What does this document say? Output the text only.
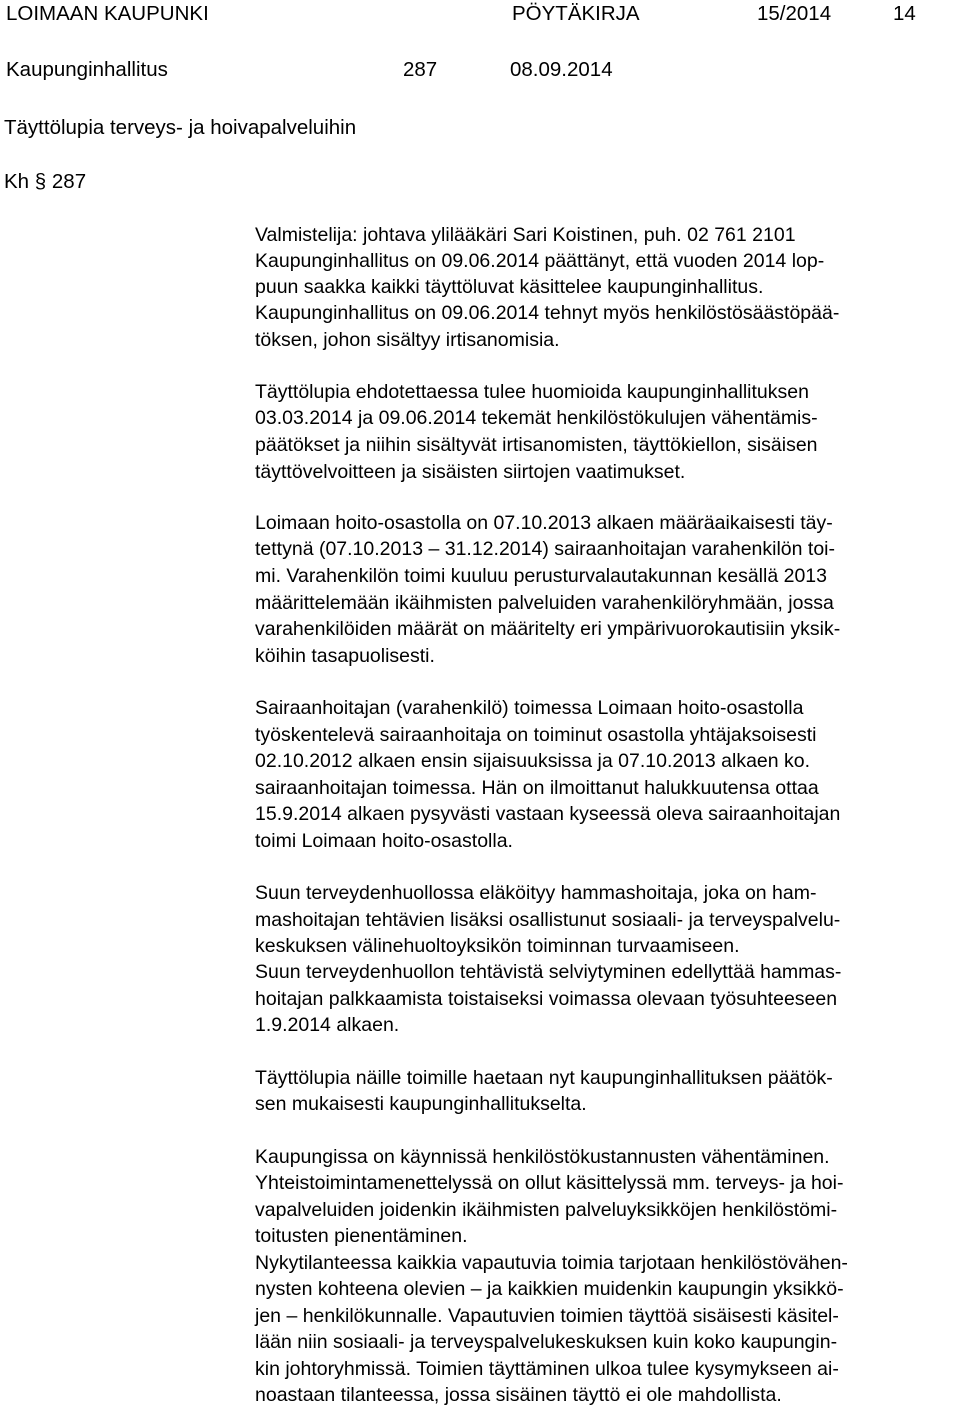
LOIMAAN KAUPUNKI	PÖYTÄKIRJA	15/2014	14
Kaupunginhallitus	287	08.09.2014
Täyttölupia terveys- ja hoivapalveluihin
Kh § 287
Valmistelija: johtava ylilääkäri Sari Koistinen, puh. 02 761 2101
Kaupunginhallitus on 09.06.2014 päättänyt, että vuoden 2014 lop-
puun saakka kaikki täyttöluvat käsittelee kaupunginhallitus.
Kaupunginhallitus on 09.06.2014 tehnyt myös henkilöstösäästöpää-
töksen, johon sisältyy irtisanomisia.
Täyttölupia ehdotettaessa tulee huomioida kaupunginhallituksen
03.03.2014 ja 09.06.2014 tekemät henkilöstökulujen vähentämis-
päätökset ja niihin sisältyvät irtisanomisten, täyttökiellon, sisäisen
täyttövelvoitteen ja sisäisten siirtojen vaatimukset.
Loimaan hoito-osastolla on 07.10.2013 alkaen määräaikaisesti täy-
tettynä (07.10.2013 – 31.12.2014) sairaanhoitajan varahenkilön toi-
mi. Varahenkilön toimi kuuluu perusturvalautakunnan kesällä 2013
määrittelemään ikäihmisten palveluiden varahenkilöryhmään, jossa
varahenkilöiden määrät on määritelty eri ympärivuorokautisiin yksik-
köihin tasapuolisesti.
Sairaanhoitajan (varahenkilö) toimessa Loimaan hoito-osastolla
työskentelevä sairaanhoitaja on toiminut osastolla yhtäjaksoisesti
02.10.2012 alkaen ensin sijaisuuksissa ja 07.10.2013 alkaen ko.
sairaanhoitajan toimessa. Hän on ilmoittanut halukkuutensa ottaa
15.9.2014 alkaen pysyvästi vastaan kyseessä oleva sairaanhoitajan
toimi Loimaan hoito-osastolla.
Suun terveydenhuollossa eläköityy hammashoitaja, joka on ham-
mashoitajan tehtävien lisäksi osallistunut sosiaali- ja terveyspalvelu-
keskuksen välinehuoltoyksikön toiminnan turvaamiseen.
Suun terveydenhuollon tehtävistä selviytyminen edellyttää hammas-
hoitajan palkkaamista toistaiseksi voimassa olevaan työsuhteeseen
1.9.2014 alkaen.
Täyttölupia näille toimille haetaan nyt kaupunginhallituksen päätök-
sen mukaisesti kaupunginhallitukselta.
Kaupungissa on käynnissä henkilöstökustannusten vähentäminen.
Yhteistoimintamenettelyssä on ollut käsittelyssä mm. terveys- ja hoi-
vapalveluiden joidenkin ikäihmisten palveluyksikköjen henkilöstömi-
toitusten pienentäminen.
Nykytilanteessa kaikkia vapautuvia toimia tarjotaan henkilöstövähen-
nysten kohteena olevien – ja kaikkien muidenkin kaupungin yksikkö-
jen – henkilökunnalle. Vapautuvien toimien täyttöä sisäisesti käsitel-
lään niin sosiaali- ja terveyspalvelukeskuksen kuin koko kaupungin-
kin johtoryhmissä. Toimien täyttäminen ulkoa tulee kysymykseen ai-
noastaan tilanteessa, jossa sisäinen täyttö ei ole mahdollista.
